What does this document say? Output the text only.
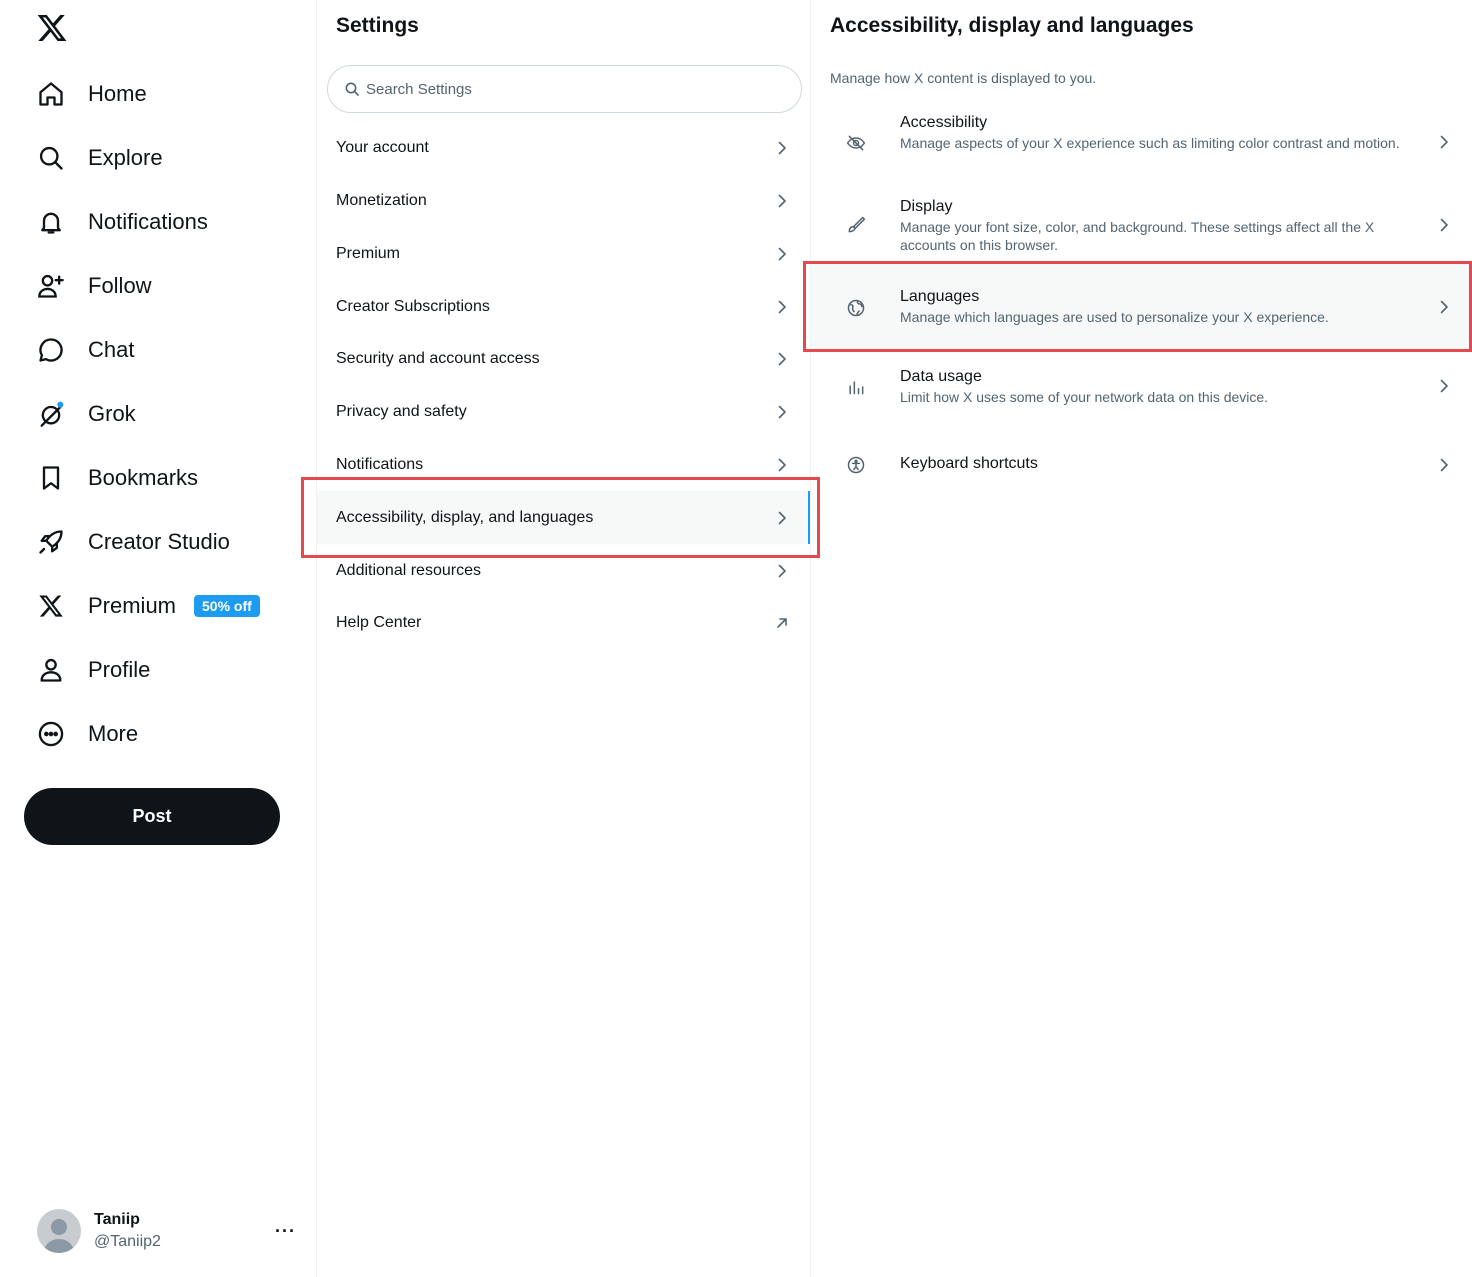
Home
Explore
Notifications
Follow
Chat
Grok
Bookmarks
Creator Studio
Premium	50% off
Profile
More
Post
Taniip
@Taniip2
···
Settings
Search Settings
Your account
Monetization
Premium
Creator Subscriptions
Security and account access
Privacy and safety
Notifications
Accessibility, display, and languages
Additional resources
Help Center
Accessibility, display and languages

Manage how X content is displayed to you.

Accessibility
Manage aspects of your X experience such as limiting color contrast and motion.
Display
Manage your font size, color, and background. These settings affect all the X accounts on this browser.
Languages
Manage which languages are used to personalize your X experience.
Data usage
Limit how X uses some of your network data on this device.
Keyboard shortcuts
